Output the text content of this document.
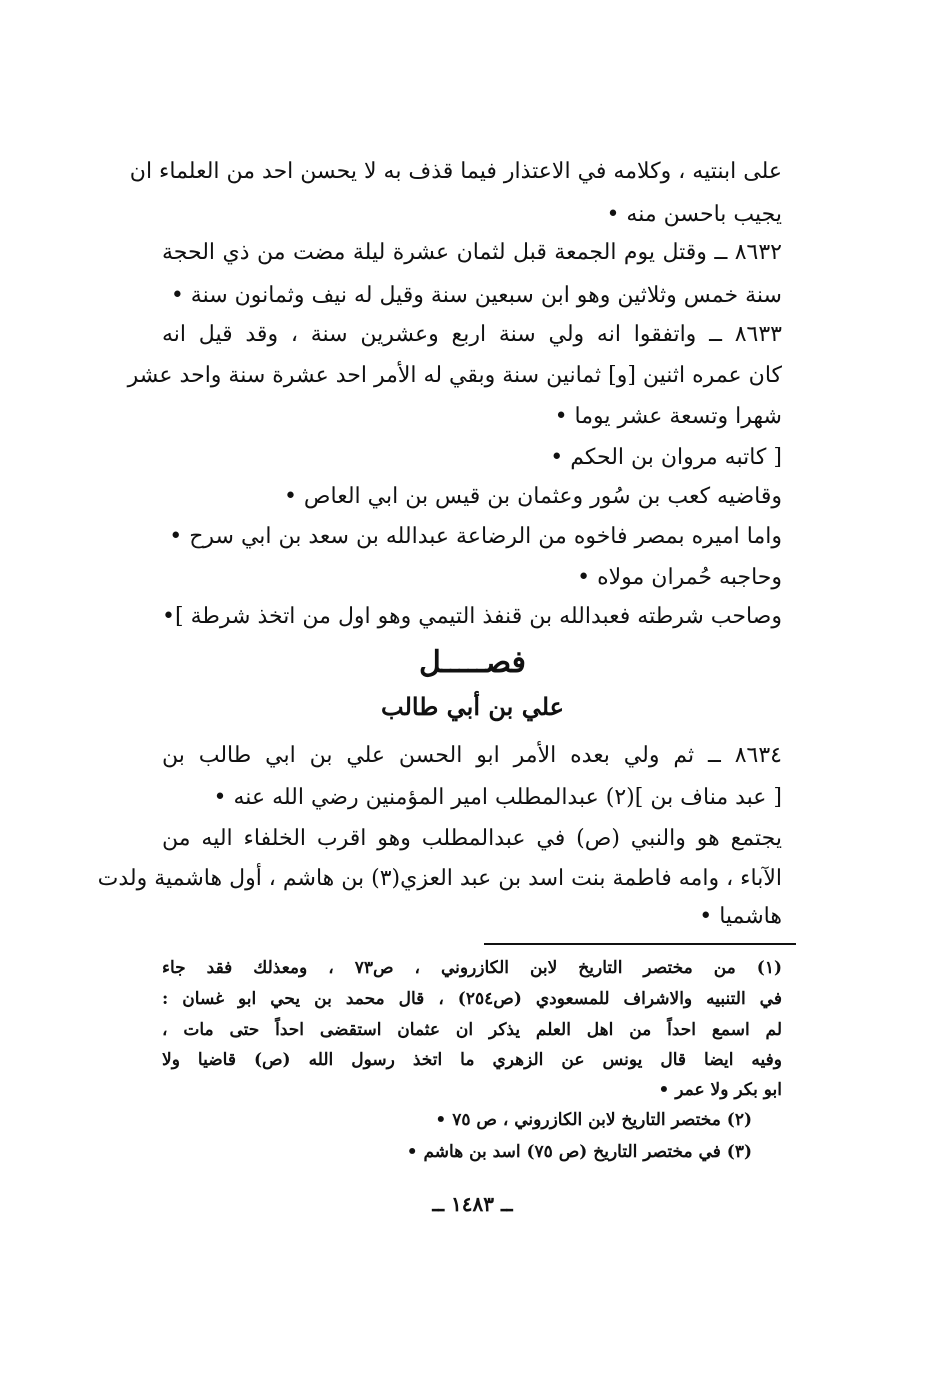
على ابنتيه ، وكلامه في الاعتذار فيما قذف به لا يحسن احد من العلماء ان
يجيب باحسن منه •
٨٦٣٢ ــ وقتل يوم الجمعة قبل لثمان عشرة ليلة مضت من ذي الحجة
سنة خمس وثلاثين وهو ابن سبعين سنة وقيل له نيف وثمانون سنة •
٨٦٣٣ ــ واتفقوا انه ولي سنة اربع وعشرين سنة ، وقد قيل انه
كان عمره اثنين [و] ثمانين سنة وبقي له الأمر احد عشرة سنة واحد عشر
شهرا وتسعة عشر يوما •
[ كاتبه مروان بن الحكم •
وقاضيه كعب بن سُور وعثمان بن قيس بن ابي العاص •
واما اميره بمصر فاخوه من الرضاعة عبدالله بن سعد بن ابي سرح •
وحاجبه حُمران مولاه •
وصاحب شرطته فعبدالله بن قنفذ التيمي وهو اول من اتخذ شرطة ]•
فصـــــل
علي بن أبي طالب
٨٦٣٤ ــ ثم ولي بعده الأمر ابو الحسن علي بن ابي طالب بن
[ عبد مناف بن ](٢) عبدالمطلب امير المؤمنين رضي الله عنه •
يجتمع هو والنبي (ص) في عبدالمطلب وهو اقرب الخلفاء اليه من
الآباء ، وامه فاطمة بنت اسد بن عبد العزي(٣) بن هاشم ، أول هاشمية ولدت
هاشميا •
(١) من مختصر التاريخ لابن الكازروني ، ص٧٣ ، ومعذلك فقد جاء
في التنبيه والاشراف للمسعودي (ص٢٥٤) ، قال محمد بن يحي ابو غسان :
لم اسمع احداً من اهل العلم يذكر ان عثمان استقضى احداً حتى مات ،
وفيه ايضا قال يونس عن الزهري ما اتخذ رسول الله (ص) قاضيا ولا
ابو بكر ولا عمر •
(٢) مختصر التاريخ لابن الكازروني ، ص ٧٥ •
(٣) في مختصر التاريخ (ص ٧٥) اسد بن هاشم •
ــ ١٤٨٣ ــ
